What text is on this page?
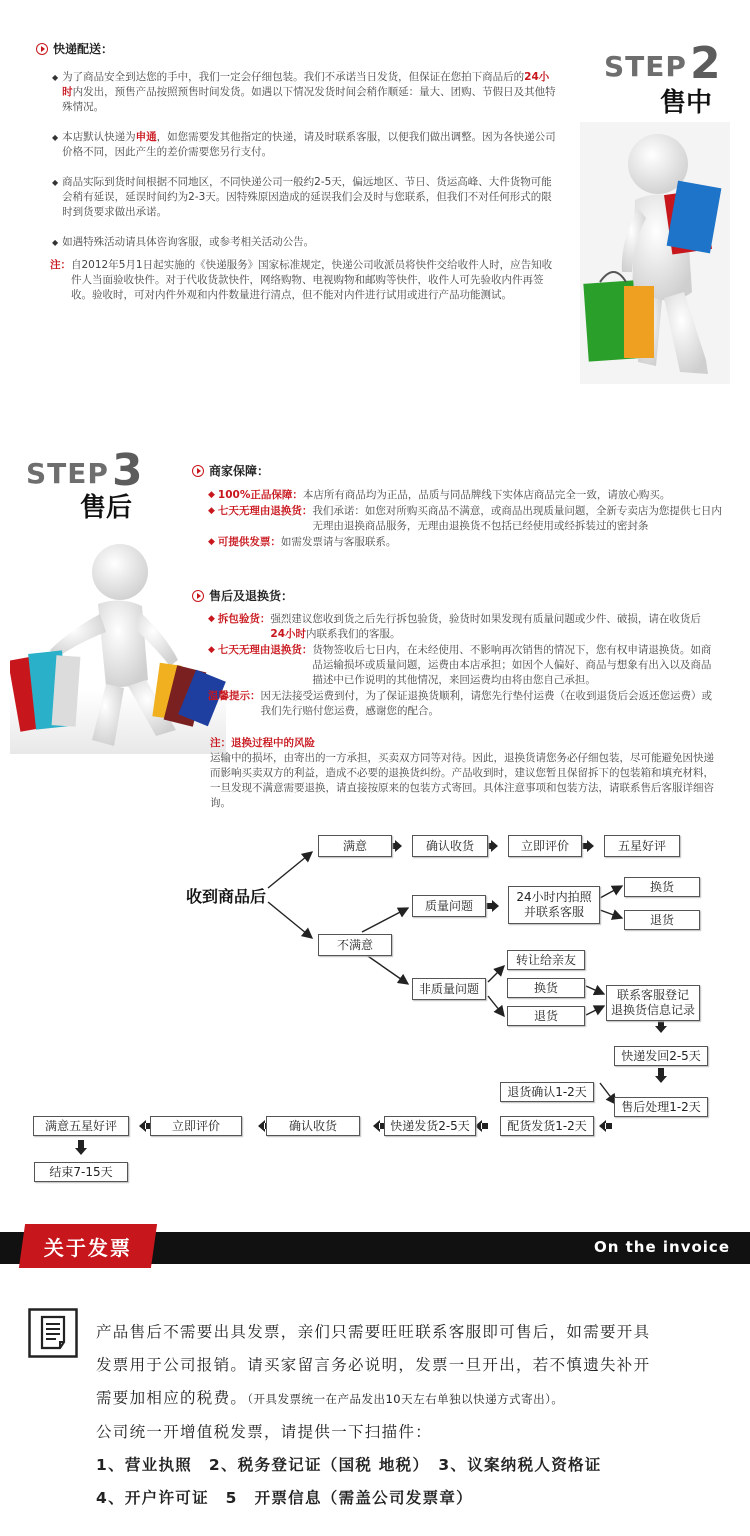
快递配送：
◆ 为了商品安全到达您的手中，我们一定会仔细包装。我们不承诺当日发货，但保证在您拍下商品后的24小时内发出，预售产品按照预售时间发货。如遇以下情况发货时间会稍作顺延：量大、团购、节假日及其他特殊情况。
◆ 本店默认快递为申通，如您需要发其他指定的快递，请及时联系客服，以便我们做出调整。因为各快递公司价格不同，因此产生的差价需要您另行支付。
◆ 商品实际到货时间根据不同地区，不同快递公司一般约2-5天，偏远地区、节日、货运高峰、大件货物可能会稍有延误，延误时间约为2-3天。因特殊原因造成的延误我们会及时与您联系，但我们不对任何形式的限时到货要求做出承诺。
◆ 如遇特殊活动请具体咨询客服，或参考相关活动公告。
注： 自2012年5月1日起实施的《快递服务》国家标准规定，快递公司收派员将快件交给收件人时，应告知收件人当面验收快件。对于代收货款快件，网络购物、电视购物和邮购等快件，收件人可先验收内件再签收。验收时，可对内件外观和内件数量进行清点，但不能对内件进行试用或进行产品功能测试。
STEP 2
售中
STEP 3
售后
商家保障：
◆ 100%正品保障： 本店所有商品均为正品，品质与同品牌线下实体店商品完全一致，请放心购买。
◆ 七天无理由退换货： 我们承诺：如您对所购买商品不满意，或商品出现质量问题，全新专卖店为您提供七日内无理由退换商品服务，无理由退换货不包括已经使用或经拆装过的密封条
◆ 可提供发票： 如需发票请与客服联系。
售后及退换货：
◆ 拆包验货： 强烈建议您收到货之后先行拆包验货，验货时如果发现有质量问题或少件、破损，请在收货后24小时内联系我们的客服。
◆ 七天无理由退换货： 货物签收后七日内，在未经使用、不影响再次销售的情况下，您有权申请退换货。如商品运输损坏或质量问题，运费由本店承担；如因个人偏好、商品与想象有出入以及商品描述中已作说明的其他情况，来回运费均由将由您自己承担。
温馨提示： 因无法接受运费到付，为了保证退换货顺利，请您先行垫付运费（在收到退货后会返还您运费）或我们先行赔付您运费，感谢您的配合。
注：退换过程中的风险
运输中的损坏，由寄出的一方承担，买卖双方同等对待。因此，退换货请您务必仔细包装，尽可能避免因快递而影响买卖双方的利益，造成不必要的退换货纠纷。产品收到时，建议您暂且保留拆下的包装箱和填充材料，一旦发现不满意需要退换，请直接按原来的包装方式寄回。具体注意事项和包装方法，请联系售后客服详细咨询。
收到商品后
满意	确认收货	立即评价	五星好评
不满意
质量问题
24小时内拍照
并联系客服
换货
退货
非质量问题
转让给亲友
换货
退货
联系客服登记
退换货信息记录
快递发回2-5天
售后处理1-2天
退货确认1-2天
配货发货1-2天
快递发货2-5天
确认收货
立即评价
满意五星好评
结束7-15天
关于发票	On the invoice
产品售后不需要出具发票，亲们只需要旺旺联系客服即可售后，如需要开具
发票用于公司报销。请买家留言务必说明，发票一旦开出，若不慎遗失补开
需要加相应的税费。（开具发票统一在产品发出10天左右单独以快递方式寄出）。
公司统一开增值税发票，请提供一下扫描件：
1、营业执照　2、税务登记证（国税 地税）　3、议案纳税人资格证
4、开户许可证　5　开票信息（需盖公司发票章）
